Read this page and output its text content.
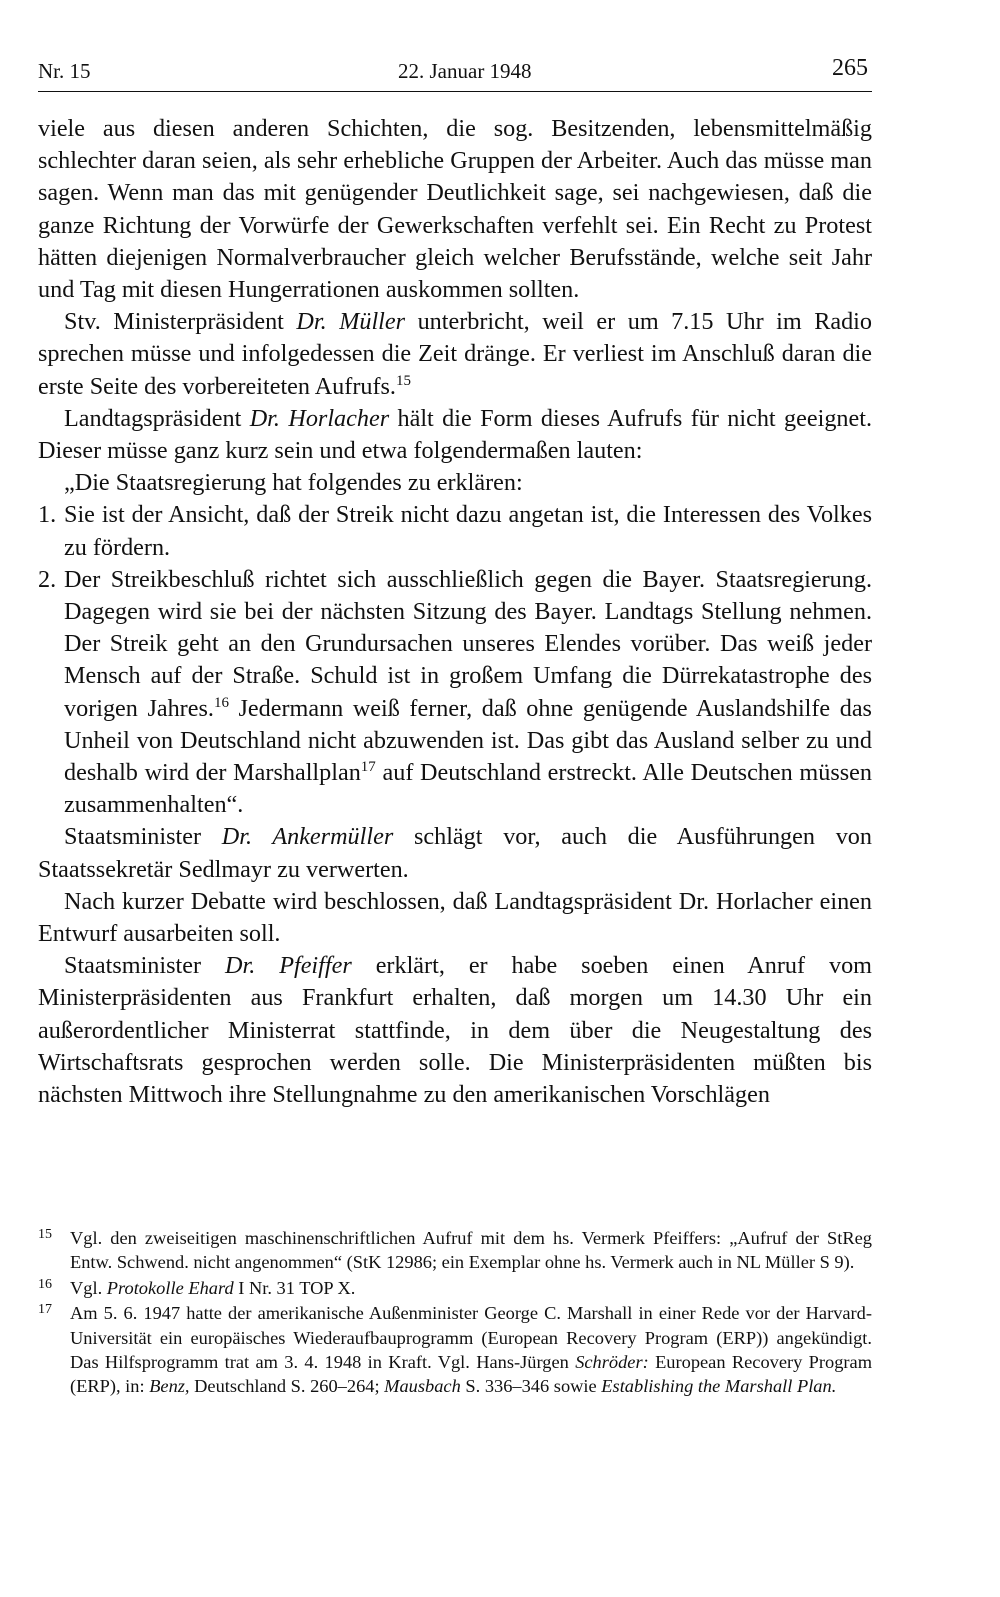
Nr. 15	22. Januar 1948	265

viele aus diesen anderen Schichten, die sog. Besitzenden, lebensmittelmäßig schlechter daran seien, als sehr erhebliche Gruppen der Arbeiter. Auch das müsse man sagen. Wenn man das mit genügender Deutlichkeit sage, sei nachgewiesen, daß die ganze Richtung der Vorwürfe der Gewerkschaften verfehlt sei. Ein Recht zu Protest hätten diejenigen Normalverbraucher gleich welcher Berufsstände, welche seit Jahr und Tag mit diesen Hungerrationen auskommen sollten.

Stv. Ministerpräsident Dr. Müller unterbricht, weil er um 7.15 Uhr im Radio sprechen müsse und infolgedessen die Zeit dränge. Er verliest im Anschluß daran die erste Seite des vorbereiteten Aufrufs.$^{15}$

Landtagspräsident Dr. Horlacher hält die Form dieses Aufrufs für nicht geeignet. Dieser müsse ganz kurz sein und etwa folgendermaßen lauten:

„Die Staatsregierung hat folgendes zu erklären:

1. Sie ist der Ansicht, daß der Streik nicht dazu angetan ist, die Interessen des Volkes zu fördern.
2. Der Streikbeschluß richtet sich ausschließlich gegen die Bayer. Staatsregierung. Dagegen wird sie bei der nächsten Sitzung des Bayer. Landtags Stellung nehmen. Der Streik geht an den Grundursachen unseres Elendes vorüber. Das weiß jeder Mensch auf der Straße. Schuld ist in großem Umfang die Dürrekatastrophe des vorigen Jahres.$^{16}$ Jedermann weiß ferner, daß ohne genügende Auslandshilfe das Unheil von Deutschland nicht abzuwenden ist. Das gibt das Ausland selber zu und deshalb wird der Marshallplan$^{17}$ auf Deutschland erstreckt. Alle Deutschen müssen zusammenhalten“.

Staatsminister Dr. Ankermüller schlägt vor, auch die Ausführungen von Staatssekretär Sedlmayr zu verwerten.

Nach kurzer Debatte wird beschlossen, daß Landtagspräsident Dr. Horlacher einen Entwurf ausarbeiten soll.

Staatsminister Dr. Pfeiffer erklärt, er habe soeben einen Anruf vom Ministerpräsidenten aus Frankfurt erhalten, daß morgen um 14.30 Uhr ein außerordentlicher Ministerrat stattfinde, in dem über die Neugestaltung des Wirtschaftsrats gesprochen werden solle. Die Ministerpräsidenten müßten bis nächsten Mittwoch ihre Stellungnahme zu den amerikanischen Vorschlägen

15 Vgl. den zweiseitigen maschinenschriftlichen Aufruf mit dem hs. Vermerk Pfeiffers: „Aufruf der StReg Entw. Schwend. nicht angenommen“ (StK 12986; ein Exemplar ohne hs. Vermerk auch in NL Müller S 9).
16 Vgl. Protokolle Ehard I Nr. 31 TOP X.
17 Am 5. 6. 1947 hatte der amerikanische Außenminister George C. Marshall in einer Rede vor der Harvard-Universität ein europäisches Wiederaufbauprogramm (European Recovery Program (ERP)) angekündigt. Das Hilfsprogramm trat am 3. 4. 1948 in Kraft. Vgl. Hans-Jürgen Schröder: European Recovery Program (ERP), in: Benz, Deutschland S. 260–264; Mausbach S. 336–346 sowie Establishing the Marshall Plan.
